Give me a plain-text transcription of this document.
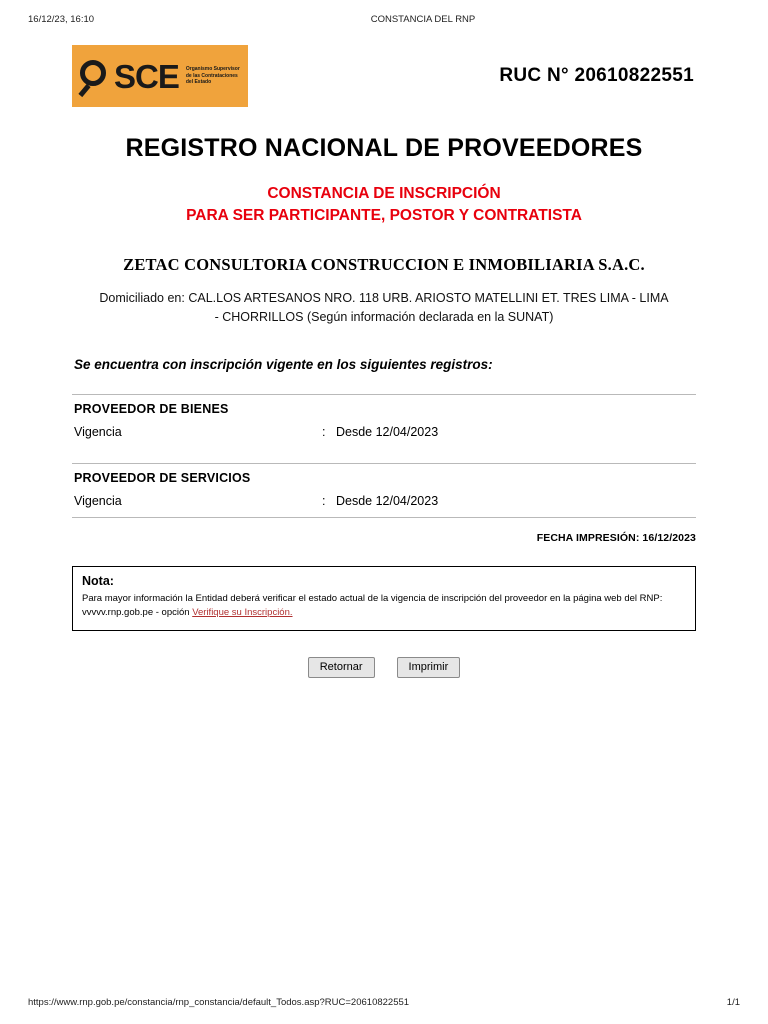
16/12/23, 16:10	CONSTANCIA DEL RNP
SCE Organismo Supervisor de las Contrataciones del Estado	RUC N° 20610822551
REGISTRO NACIONAL DE PROVEEDORES
CONSTANCIA DE INSCRIPCIÓN
PARA SER PARTICIPANTE, POSTOR Y CONTRATISTA
ZETAC CONSULTORIA CONSTRUCCION E INMOBILIARIA S.A.C.
Domiciliado en: CAL.LOS ARTESANOS NRO. 118 URB. ARIOSTO MATELLINI ET. TRES LIMA - LIMA
- CHORRILLOS (Según información declarada en la SUNAT)
Se encuentra con inscripción vigente en los siguientes registros:
PROVEEDOR DE BIENES
Vigencia	: Desde 12/04/2023
PROVEEDOR DE SERVICIOS
Vigencia	: Desde 12/04/2023
FECHA IMPRESIÓN: 16/12/2023
Nota:
Para mayor información la Entidad deberá verificar el estado actual de la vigencia de inscripción del proveedor en la página web del RNP: vvvvv.rnp.gob.pe - opción Verifique su Inscripción.
Retornar	Imprimir
https://www.rnp.gob.pe/constancia/rnp_constancia/default_Todos.asp?RUC=20610822551	1/1
